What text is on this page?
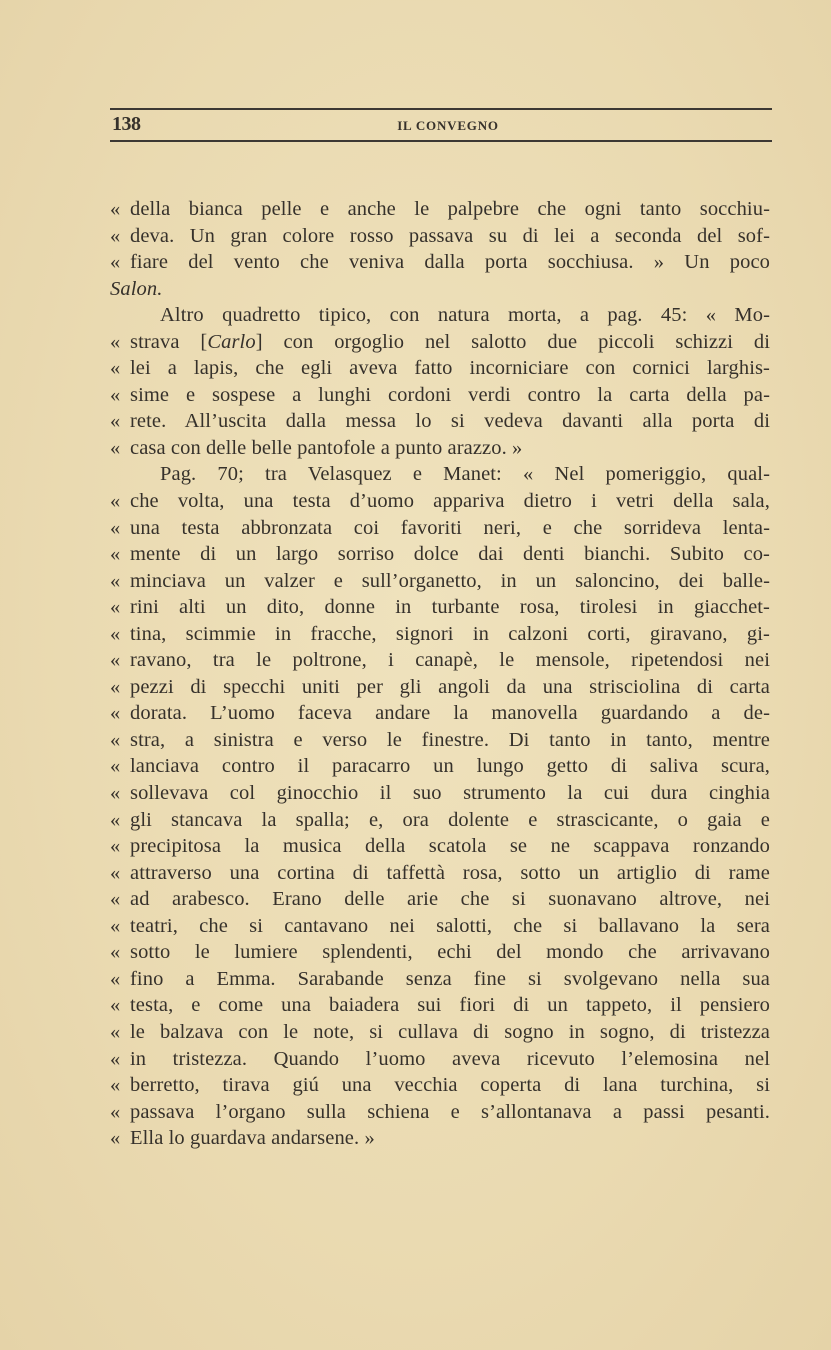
138	IL CONVEGNO
« della bianca pelle e anche le palpebre che ogni tanto socchiu-
« deva. Un gran colore rosso passava su di lei a seconda del sof-
« fiare del vento che veniva dalla porta socchiusa. » Un poco
Salon.
Altro quadretto tipico, con natura morta, a pag. 45: « Mo-
« strava [Carlo] con orgoglio nel salotto due piccoli schizzi di
« lei a lapis, che egli aveva fatto incorniciare con cornici larghis-
« sime e sospese a lunghi cordoni verdi contro la carta della pa-
« rete. All’uscita dalla messa lo si vedeva davanti alla porta di
« casa con delle belle pantofole a punto arazzo. »
Pag. 70; tra Velasquez e Manet: « Nel pomeriggio, qual-
« che volta, una testa d’uomo appariva dietro i vetri della sala,
« una testa abbronzata coi favoriti neri, e che sorrideva lenta-
« mente di un largo sorriso dolce dai denti bianchi. Subito co-
« minciava un valzer e sull’organetto, in un saloncino, dei balle-
« rini alti un dito, donne in turbante rosa, tirolesi in giacchet-
« tina, scimmie in fracche, signori in calzoni corti, giravano, gi-
« ravano, tra le poltrone, i canapè, le mensole, ripetendosi nei
« pezzi di specchi uniti per gli angoli da una strisciolina di carta
« dorata. L’uomo faceva andare la manovella guardando a de-
« stra, a sinistra e verso le finestre. Di tanto in tanto, mentre
« lanciava contro il paracarro un lungo getto di saliva scura,
« sollevava col ginocchio il suo strumento la cui dura cinghia
« gli stancava la spalla; e, ora dolente e strascicante, o gaia e
« precipitosa la musica della scatola se ne scappava ronzando
« attraverso una cortina di taffettà rosa, sotto un artiglio di rame
« ad arabesco. Erano delle arie che si suonavano altrove, nei
« teatri, che si cantavano nei salotti, che si ballavano la sera
« sotto le lumiere splendenti, echi del mondo che arrivavano
« fino a Emma. Sarabande senza fine si svolgevano nella sua
« testa, e come una baiadera sui fiori di un tappeto, il pensiero
« le balzava con le note, si cullava di sogno in sogno, di tristezza
« in tristezza. Quando l’uomo aveva ricevuto l’elemosina nel
« berretto, tirava giú una vecchia coperta di lana turchina, si
« passava l’organo sulla schiena e s’allontanava a passi pesanti.
« Ella lo guardava andarsene. »
